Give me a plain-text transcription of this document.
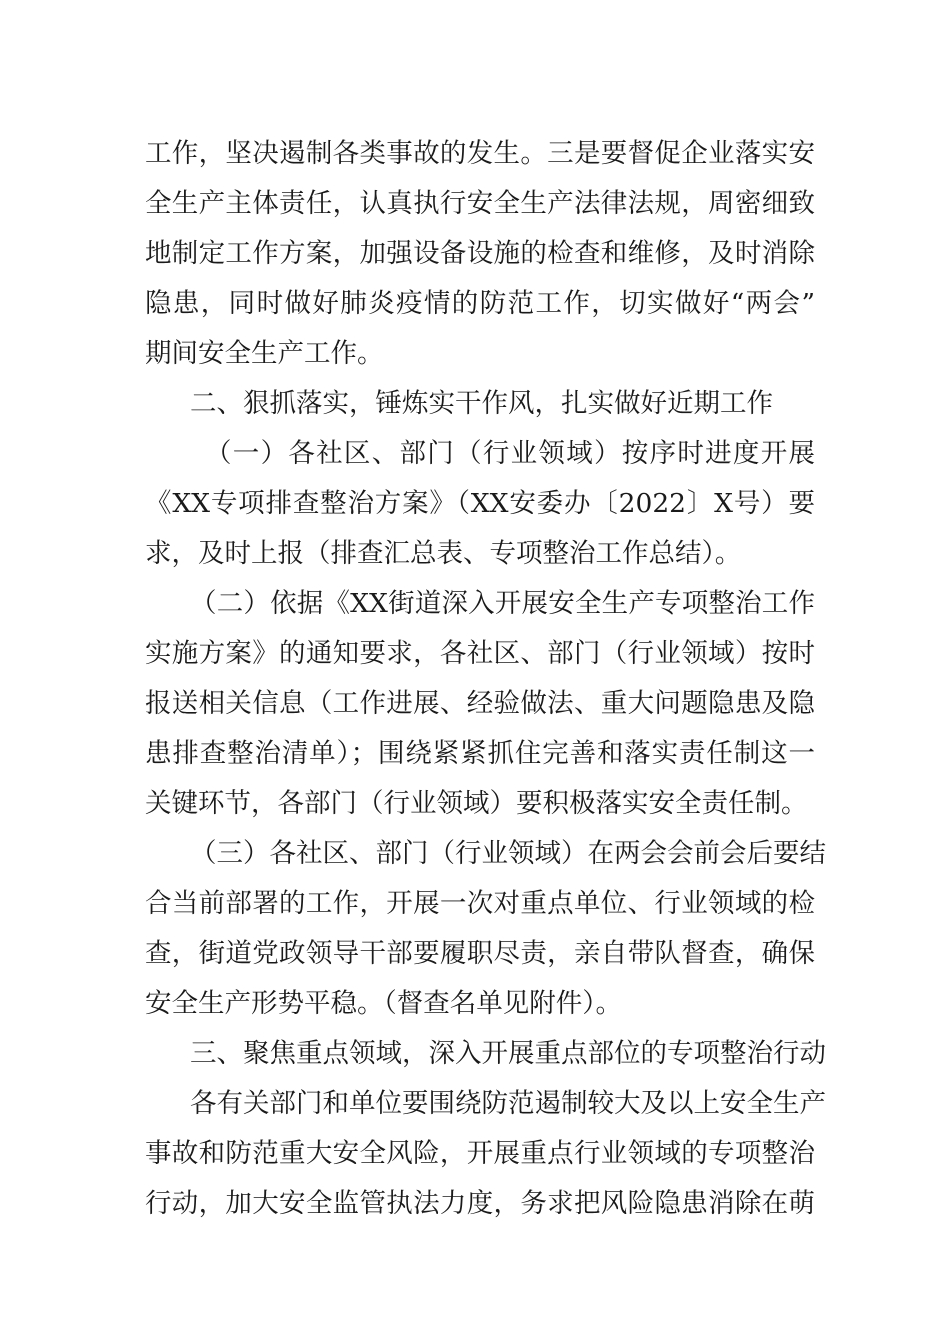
工作，坚决遏制各类事故的发生。三是要督促企业落实安
全生产主体责任，认真执行安全生产法律法规，周密细致
地制定工作方案，加强设备设施的检查和维修，及时消除
隐患，同时做好肺炎疫情的防范工作，切实做好“两会”
期间安全生产工作。
二、狠抓落实，锤炼实干作风，扎实做好近期工作
（一）各社区、部门（行业领域）按序时进度开展
《XX专项排查整治方案》（XX安委办〔2022〕X号）要
求，及时上报（排查汇总表、专项整治工作总结）。
（二）依据《XX街道深入开展安全生产专项整治工作
实施方案》的通知要求，各社区、部门（行业领域）按时
报送相关信息（工作进展、经验做法、重大问题隐患及隐
患排查整治清单）；围绕紧紧抓住完善和落实责任制这一
关键环节，各部门（行业领域）要积极落实安全责任制。
（三）各社区、部门（行业领域）在两会会前会后要结
合当前部署的工作，开展一次对重点单位、行业领域的检
查，街道党政领导干部要履职尽责，亲自带队督查，确保
安全生产形势平稳。（督查名单见附件）。
三、聚焦重点领域，深入开展重点部位的专项整治行动
各有关部门和单位要围绕防范遏制较大及以上安全生产
事故和防范重大安全风险，开展重点行业领域的专项整治
行动，加大安全监管执法力度，务求把风险隐患消除在萌
